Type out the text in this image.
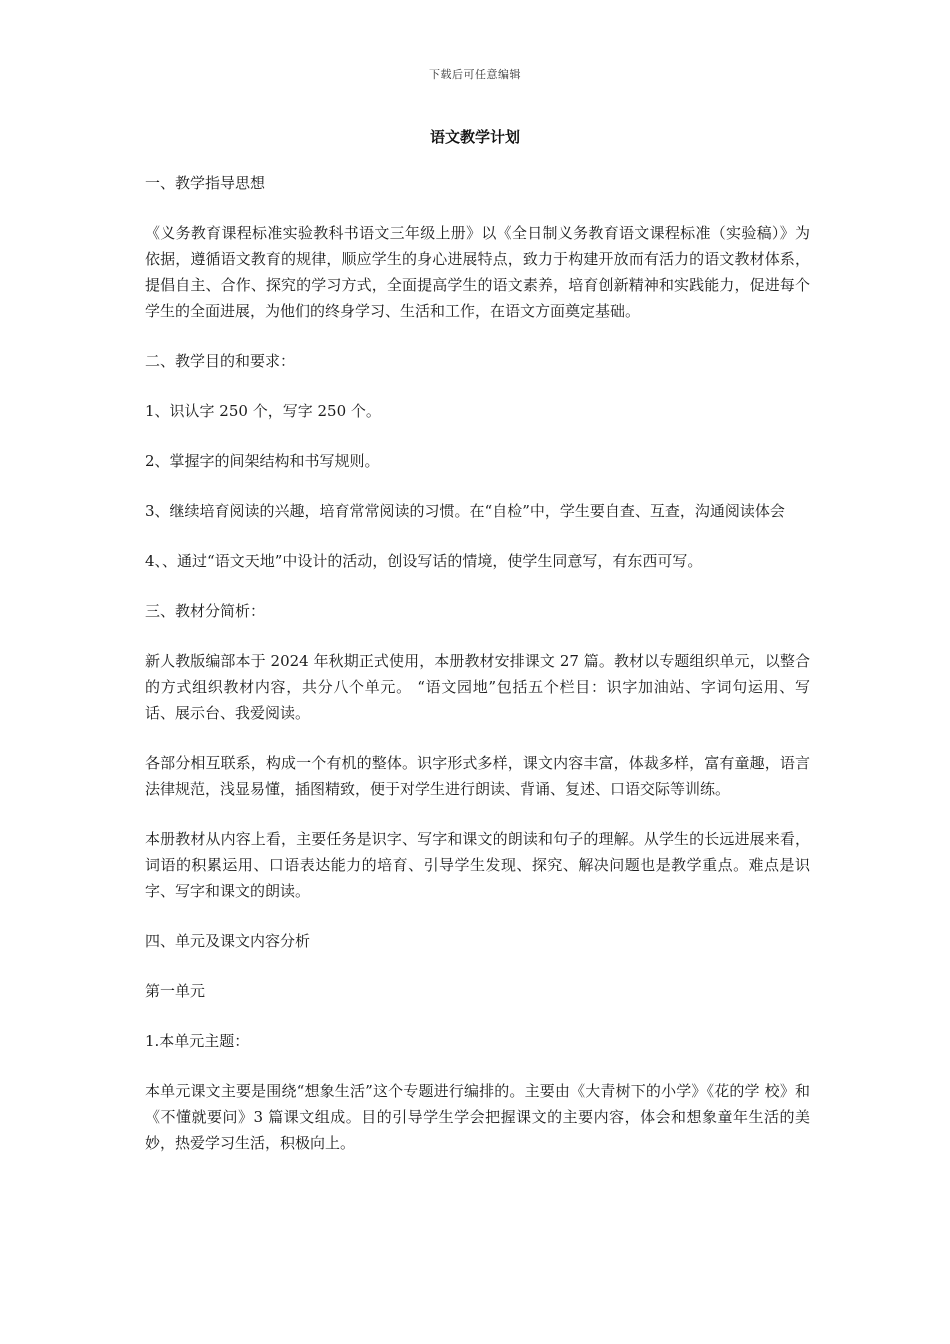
下载后可任意编辑
语文教学计划

一、教学指导思想

《义务教育课程标准实验教科书语文三年级上册》以《全日制义务教育语文课程标准（实验稿）》为依据，遵循语文教育的规律，顺应学生的身心进展特点，致力于构建开放而有活力的语文教材体系，提倡自主、合作、探究的学习方式，全面提高学生的语文素养，培育创新精神和实践能力，促进每个学生的全面进展，为他们的终身学习、生活和工作，在语文方面奠定基础。

二、教学目的和要求：

1、识认字 250 个，写字 250 个。

2、掌握字的间架结构和书写规则。

3、继续培育阅读的兴趣，培育常常阅读的习惯。在“自检”中，学生要自查、互查，沟通阅读体会

4、、通过“语文天地”中设计的活动，创设写话的情境，使学生同意写，有东西可写。

三、教材分简析：

新人教版编部本于 2024 年秋期正式使用，本册教材安排课文 27 篇。教材以专题组织单元，以整合的方式组织教材内容，共分八个单元。 “语文园地”包括五个栏目：识字加油站、字词句运用、写话、展示台、我爱阅读。

各部分相互联系，构成一个有机的整体。识字形式多样，课文内容丰富，体裁多样，富有童趣，语言法律规范，浅显易懂，插图精致，便于对学生进行朗读、背诵、复述、口语交际等训练。

本册教材从内容上看，主要任务是识字、写字和课文的朗读和句子的理解。从学生的长远进展来看，词语的积累运用、口语表达能力的培育、引导学生发现、探究、解决问题也是教学重点。难点是识字、写字和课文的朗读。

四、单元及课文内容分析

第一单元

1.本单元主题：

本单元课文主要是围绕“想象生活”这个专题进行编排的。主要由《大青树下的小学》《花的学 校》和《不懂就要问》3 篇课文组成。目的引导学生学会把握课文的主要内容，体会和想象童年生活的美妙，热爱学习生活，积极向上。
